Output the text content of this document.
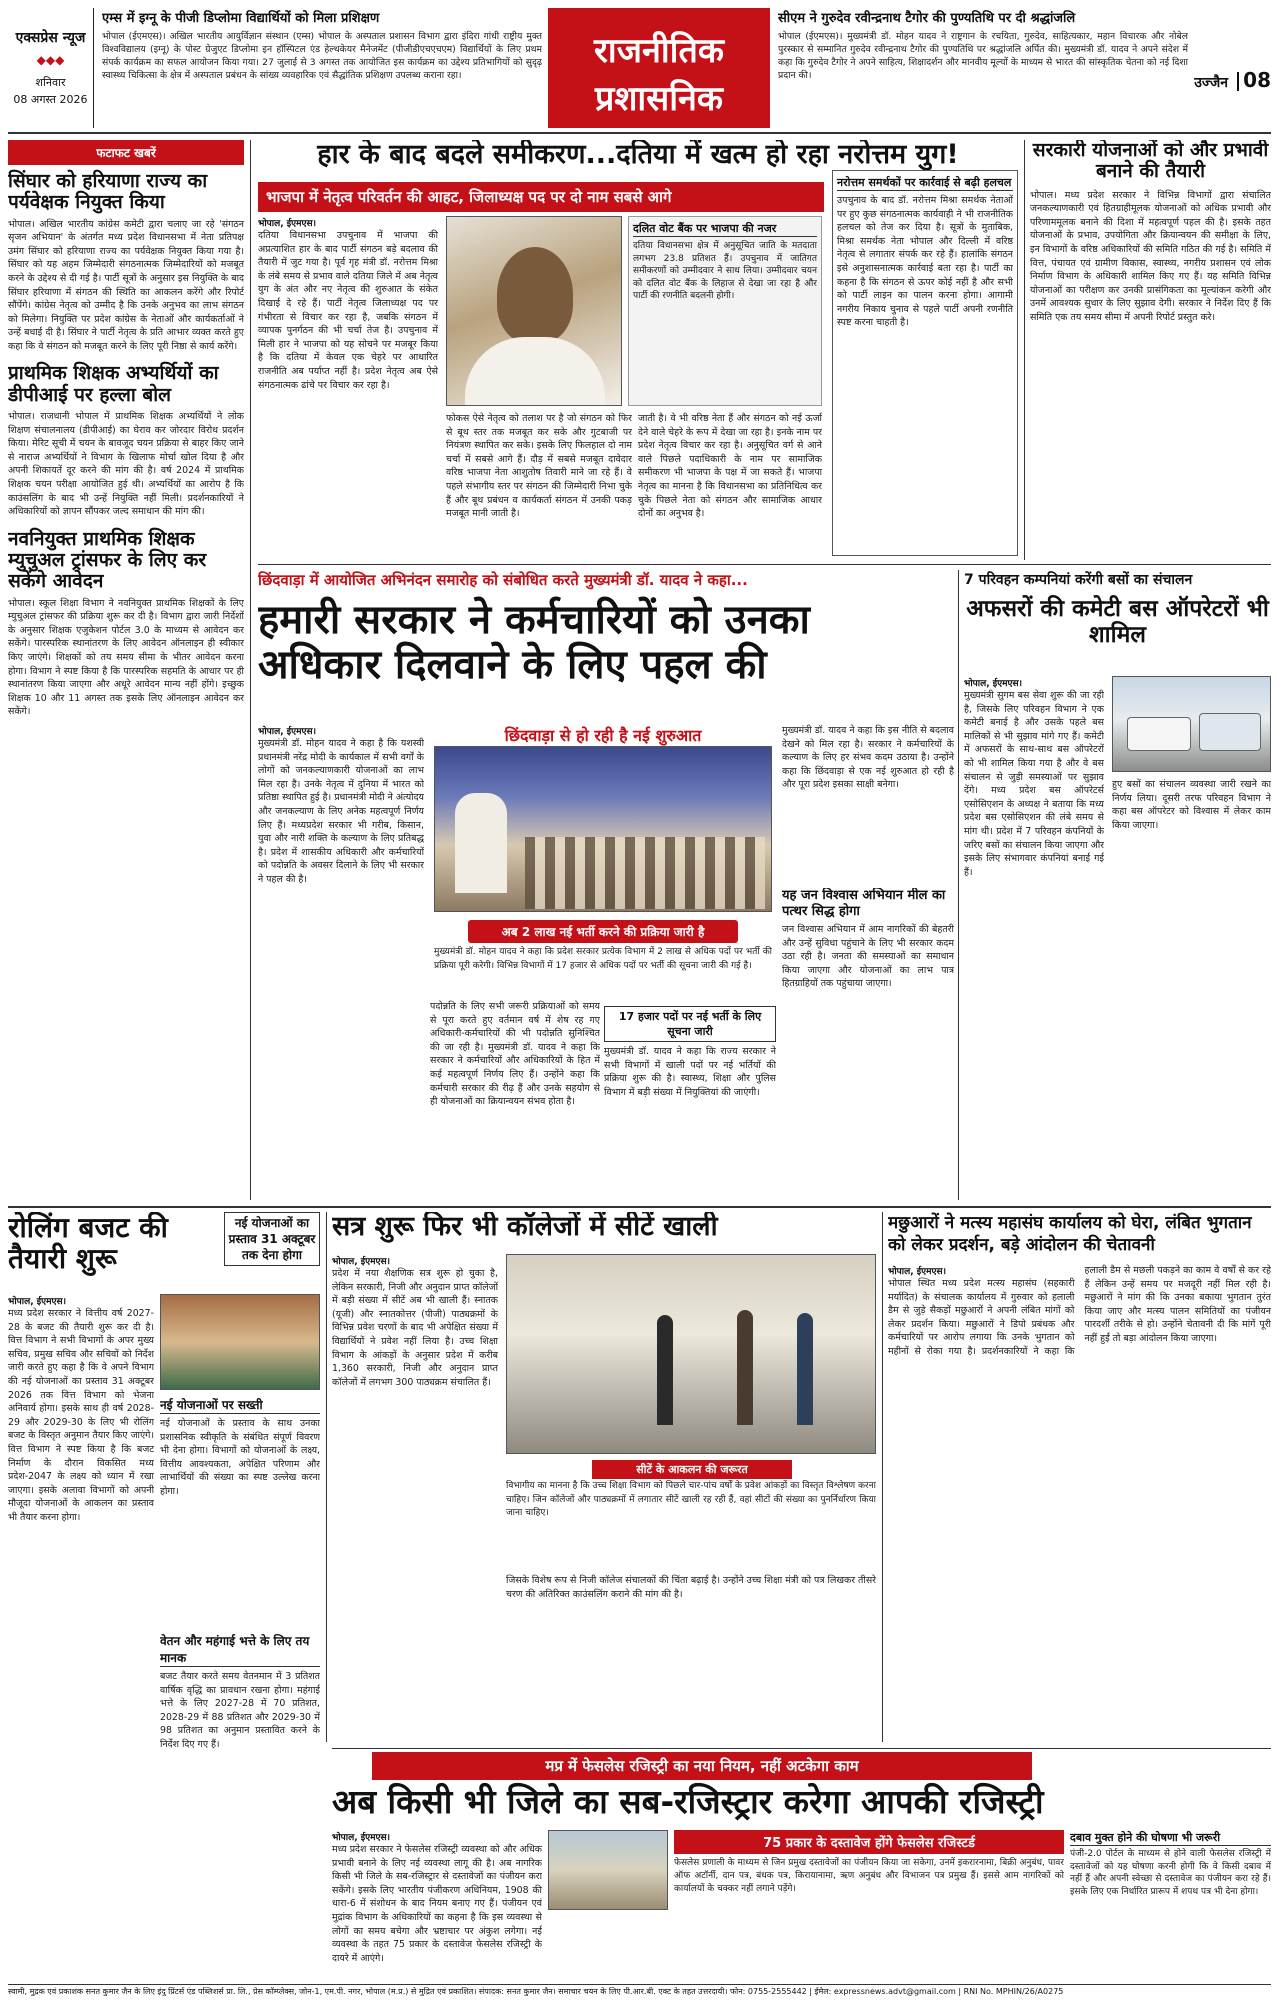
एक्सप्रेस न्यूज
◆◆◆
शनिवार
08 अगस्त 2026
एम्स में इग्नू के पीजी डिप्लोमा विद्यार्थियों को मिला प्रशिक्षण
भोपाल (ईएमएस)। अखिल भारतीय आयुर्विज्ञान संस्थान (एम्स) भोपाल के अस्पताल प्रशासन विभाग द्वारा इंदिरा गांधी राष्ट्रीय मुक्त विश्वविद्यालय (इग्नू) के पोस्ट ग्रेजुएट डिप्लोमा इन हॉस्पिटल एंड हेल्थकेयर मैनेजमेंट (पीजीडीएचएचएम) विद्यार्थियों के लिए प्रथम संपर्क कार्यक्रम का सफल आयोजन किया गया। 27 जुलाई से 3 अगस्त तक आयोजित इस कार्यक्रम का उद्देश्य प्रतिभागियों को सुदृढ़ स्वास्थ्य चिकित्सा के क्षेत्र में अस्पताल प्रबंधन के सांख्य व्यवहारिक एवं सैद्धांतिक प्रशिक्षण उपलब्ध कराना रहा।
राजनीतिक
प्रशासनिक
सीएम ने गुरुदेव रवीन्द्रनाथ टैगोर की पुण्यतिथि पर दी श्रद्धांजलि
भोपाल (ईएमएस)। मुख्यमंत्री डॉ. मोहन यादव ने राष्ट्रगान के रचयिता, गुरुदेव, साहित्यकार, महान विचारक और नोबेल पुरस्कार से सम्मानित गुरुदेव रवीन्द्रनाथ टैगोर की पुण्यतिथि पर श्रद्धांजलि अर्पित की। मुख्यमंत्री डॉ. यादव ने अपने संदेश में कहा कि गुरुदेव टैगोर ने अपने साहित्य, शिक्षादर्शन और मानवीय मूल्यों के माध्यम से भारत की सांस्कृतिक चेतना को नई दिशा प्रदान की।	उज्जैन 08
फटाफट खबरें
सिंघार को हरियाणा राज्य का पर्यवेक्षक नियुक्त किया
भोपाल। अखिल भारतीय कांग्रेस कमेटी द्वारा चलाए जा रहे 'संगठन सृजन अभियान' के अंतर्गत मध्य प्रदेश विधानसभा में नेता प्रतिपक्ष उमंग सिंघार को हरियाणा राज्य का पर्यवेक्षक नियुक्त किया गया है। सिंघार को यह अहम जिम्मेदारी संगठनात्मक जिम्मेदारियों को मजबूत करने के उद्देश्य से दी गई है। पार्टी सूत्रों के अनुसार इस नियुक्ति के बाद सिंघार हरियाणा में संगठन की स्थिति का आकलन करेंगे और रिपोर्ट सौंपेंगे। कांग्रेस नेतृत्व को उम्मीद है कि उनके अनुभव का लाभ संगठन को मिलेगा। नियुक्ति पर प्रदेश कांग्रेस के नेताओं और कार्यकर्ताओं ने उन्हें बधाई दी है। सिंघार ने पार्टी नेतृत्व के प्रति आभार व्यक्त करते हुए कहा कि वे संगठन को मजबूत करने के लिए पूरी निष्ठा से कार्य करेंगे।
प्राथमिक शिक्षक अभ्यर्थियों का डीपीआई पर हल्ला बोल
भोपाल। राजधानी भोपाल में प्राथमिक शिक्षक अभ्यर्थियों ने लोक शिक्षण संचालनालय (डीपीआई) का घेराव कर जोरदार विरोध प्रदर्शन किया। मेरिट सूची में चयन के बावजूद चयन प्रक्रिया से बाहर किए जाने से नाराज अभ्यर्थियों ने विभाग के खिलाफ मोर्चा खोल दिया है और अपनी शिकायतें दूर करने की मांग की है। वर्ष 2024 में प्राथमिक शिक्षक चयन परीक्षा आयोजित हुई थी। अभ्यर्थियों का आरोप है कि काउंसलिंग के बाद भी उन्हें नियुक्ति नहीं मिली। प्रदर्शनकारियों ने अधिकारियों को ज्ञापन सौंपकर जल्द समाधान की मांग की।
नवनियुक्त प्राथमिक शिक्षक म्युचुअल ट्रांसफर के लिए कर सकेंगे आवेदन
भोपाल। स्कूल शिक्षा विभाग ने नवनियुक्त प्राथमिक शिक्षकों के लिए म्युचुअल ट्रांसफर की प्रक्रिया शुरू कर दी है। विभाग द्वारा जारी निर्देशों के अनुसार शिक्षक एजुकेशन पोर्टल 3.0 के माध्यम से आवेदन कर सकेंगे। पारस्परिक स्थानांतरण के लिए आवेदन ऑनलाइन ही स्वीकार किए जाएंगे। शिक्षकों को तय समय सीमा के भीतर आवेदन करना होगा। विभाग ने स्पष्ट किया है कि पारस्परिक सहमति के आधार पर ही स्थानांतरण किया जाएगा और अधूरे आवेदन मान्य नहीं होंगे। इच्छुक शिक्षक 10 और 11 अगस्त तक इसके लिए ऑनलाइन आवेदन कर सकेंगे।
हार के बाद बदले समीकरण...दतिया में खत्म हो रहा नरोत्तम युग!
भाजपा में नेतृत्व परिवर्तन की आहट, जिलाध्यक्ष पद पर दो नाम सबसे आगे
भोपाल, ईएमएस।
दतिया विधानसभा उपचुनाव में भाजपा की अप्रत्याशित हार के बाद पार्टी संगठन बड़े बदलाव की तैयारी में जुट गया है। पूर्व गृह मंत्री डॉ. नरोत्तम मिश्रा के लंबे समय से प्रभाव वाले दतिया जिले में अब नेतृत्व युग के अंत और नए नेतृत्व की शुरुआत के संकेत दिखाई दे रहे हैं। पार्टी नेतृत्व जिलाध्यक्ष पद पर गंभीरता से विचार कर रहा है, जबकि संगठन में व्यापक पुनर्गठन की भी चर्चा तेज है। उपचुनाव में मिली हार ने भाजपा को यह सोचने पर मजबूर किया है कि दतिया में केवल एक चेहरे पर आधारित राजनीति अब पर्याप्त नहीं है। प्रदेश नेतृत्व अब ऐसे संगठनात्मक ढांचे पर विचार कर रहा है।
दलित वोट बैंक पर भाजपा की नजर
दतिया विधानसभा क्षेत्र में अनुसूचित जाति के मतदाता लगभग 23.8 प्रतिशत हैं। उपचुनाव में जातिगत समीकरणों को उम्मीदवार ने साध लिया। उम्मीदवार चयन को दलित वोट बैंक के लिहाज से देखा जा रहा है और पार्टी की रणनीति बदलनी होगी।
फोकस ऐसे नेतृत्व को तलाश पर है जो संगठन को फिर से बूथ स्तर तक मजबूत कर सके और गुटबाजी पर नियंत्रण स्थापित कर सके। इसके लिए फिलहाल दो नाम चर्चा में सबसे आगे हैं। दौड़ में सबसे मजबूत दावेदार वरिष्ठ भाजपा नेता आशुतोष तिवारी माने जा रहे हैं। वे पहले संभागीय स्तर पर संगठन की जिम्मेदारी निभा चुके हैं और बूथ प्रबंधन व कार्यकर्ता संगठन में उनकी पकड़ मजबूत मानी जाती है।
जाती है। वे भी वरिष्ठ नेता हैं और संगठन को नई ऊर्जा देने वाले चेहरे के रूप में देखा जा रहा है। इनके नाम पर प्रदेश नेतृत्व विचार कर रहा है। अनुसूचित वर्ग से आने वाले पिछले पदाधिकारी के नाम पर सामाजिक समीकरण भी भाजपा के पक्ष में जा सकते हैं। भाजपा नेतृत्व का मानना है कि विधानसभा का प्रतिनिधित्व कर चुके पिछले नेता को संगठन और सामाजिक आधार दोनों का अनुभव है।
नरोत्तम समर्थकों पर कार्रवाई से बढ़ी हलचल
उपचुनाव के बाद डॉ. नरोत्तम मिश्रा समर्थक नेताओं पर हुए कुछ संगठनात्मक कार्यवाही ने भी राजनीतिक हलचल को तेज कर दिया है। सूत्रों के मुताबिक, मिश्रा समर्थक नेता भोपाल और दिल्ली में वरिष्ठ नेतृत्व से लगातार संपर्क कर रहे हैं। हालांकि संगठन इसे अनुशासनात्मक कार्रवाई बता रहा है। पार्टी का कहना है कि संगठन से ऊपर कोई नहीं है और सभी को पार्टी लाइन का पालन करना होगा। आगामी नगरीय निकाय चुनाव से पहले पार्टी अपनी रणनीति स्पष्ट करना चाहती है।
सरकारी योजनाओं को और प्रभावी बनाने की तैयारी
भोपाल। मध्य प्रदेश सरकार ने विभिन्न विभागों द्वारा संचालित जनकल्याणकारी एवं हितग्राहीमूलक योजनाओं को अधिक प्रभावी और परिणाममूलक बनाने की दिशा में महत्वपूर्ण पहल की है। इसके तहत योजनाओं के प्रभाव, उपयोगिता और क्रियान्वयन की समीक्षा के लिए, इन विभागों के वरिष्ठ अधिकारियों की समिति गठित की गई है। समिति में वित्त, पंचायत एवं ग्रामीण विकास, स्वास्थ्य, नगरीय प्रशासन एवं लोक निर्माण विभाग के अधिकारी शामिल किए गए हैं। यह समिति विभिन्न योजनाओं का परीक्षण कर उनकी प्रासंगिकता का मूल्यांकन करेगी और उनमें आवश्यक सुधार के लिए सुझाव देगी। सरकार ने निर्देश दिए हैं कि समिति एक तय समय सीमा में अपनी रिपोर्ट प्रस्तुत करे।
छिंदवाड़ा में आयोजित अभिनंदन समारोह को संबोधित करते मुख्यमंत्री डॉ. यादव ने कहा...
हमारी सरकार ने कर्मचारियों को उनका
अधिकार दिलवाने के लिए पहल की
भोपाल, ईएमएस।
मुख्यमंत्री डॉ. मोहन यादव ने कहा है कि यशस्वी प्रधानमंत्री नरेंद्र मोदी के कार्यकाल में सभी वर्गों के लोगों को जनकल्याणकारी योजनाओं का लाभ मिल रहा है। उनके नेतृत्व में दुनिया में भारत को प्रतिष्ठा स्थापित हुई है। प्रधानमंत्री मोदी ने अंत्योदय और जनकल्याण के लिए अनेक महत्वपूर्ण निर्णय लिए हैं। मध्यप्रदेश सरकार भी गरीब, किसान, युवा और नारी शक्ति के कल्याण के लिए प्रतिबद्ध है। प्रदेश में शासकीय अधिकारी और कर्मचारियों को पदोन्नति के अवसर दिलाने के लिए भी सरकार ने पहल की है।
छिंदवाड़ा से हो रही है नई शुरुआत
अब 2 लाख नई भर्ती करने की प्रक्रिया जारी है
मुख्यमंत्री डॉ. मोहन यादव ने कहा कि प्रदेश सरकार प्रत्येक विभाग में 2 लाख से अधिक पदों पर भर्ती की प्रक्रिया पूरी करेगी। विभिन्न विभागों में 17 हजार से अधिक पदों पर भर्ती की सूचना जारी की गई है।
पदोन्नति के लिए सभी जरूरी प्रक्रियाओं को समय से पूरा करते हुए वर्तमान वर्ष में शेष रह गए अधिकारी-कर्मचारियों की भी पदोन्नति सुनिश्चित की जा रही है। मुख्यमंत्री डॉ. यादव ने कहा कि सरकार ने कर्मचारियों और अधिकारियों के हित में कई महत्वपूर्ण निर्णय लिए हैं। उन्होंने कहा कि कर्मचारी सरकार की रीढ़ हैं और उनके सहयोग से ही योजनाओं का क्रियान्वयन संभव होता है।
17 हजार पदों पर नई भर्ती के लिए सूचना जारी
मुख्यमंत्री डॉ. यादव ने कहा कि राज्य सरकार ने सभी विभागों में खाली पदों पर नई भर्तियों की प्रक्रिया शुरू की है। स्वास्थ्य, शिक्षा और पुलिस विभाग में बड़ी संख्या में नियुक्तियां की जाएंगी।
मुख्यमंत्री डॉ. यादव ने कहा कि इस नीति से बदलाव देखने को मिल रहा है। सरकार ने कर्मचारियों के कल्याण के लिए हर संभव कदम उठाया है। उन्होंने कहा कि छिंदवाड़ा से एक नई शुरुआत हो रही है और पूरा प्रदेश इसका साक्षी बनेगा।
यह जन विश्वास अभियान मील का पत्थर सिद्ध होगा
जन विश्वास अभियान में आम नागरिकों की बेहतरी और उन्हें सुविधा पहुंचाने के लिए भी सरकार कदम उठा रही है। जनता की समस्याओं का समाधान किया जाएगा और योजनाओं का लाभ पात्र हितग्राहियों तक पहुंचाया जाएगा।
7 परिवहन कम्पनियां करेंगी बसों का संचालन
अफसरों की कमेटी बस ऑपरेटरों भी शामिल
भोपाल, ईएमएस।
मुख्यमंत्री सुगम बस सेवा शुरू की जा रही है, जिसके लिए परिवहन विभाग ने एक कमेटी बनाई है और उसके पहले बस मालिकों से भी सुझाव मांगे गए हैं। कमेटी में अफसरों के साथ-साथ बस ऑपरेटरों को भी शामिल किया गया है और वे बस संचालन से जुड़ी समस्याओं पर सुझाव देंगे। मध्य प्रदेश बस ऑपरेटर्स एसोसिएशन के अध्यक्ष ने बताया कि मध्य प्रदेश बस एसोसिएशन की लंबे समय से मांग थी। प्रदेश में 7 परिवहन कंपनियों के जरिए बसों का संचालन किया जाएगा और इसके लिए संभागवार कंपनियां बनाई गई हैं।
हुए बसों का संचालन व्यवस्था जारी रखने का निर्णय लिया। दूसरी तरफ परिवहन विभाग ने कहा बस ऑपरेटर को विश्वास में लेकर काम किया जाएगा।
रोलिंग बजट की तैयारी शुरू
नई योजनाओं का प्रस्ताव 31 अक्टूबर तक देना होगा
भोपाल, ईएमएस।
मध्य प्रदेश सरकार ने वित्तीय वर्ष 2027-28 के बजट की तैयारी शुरू कर दी है। वित्त विभाग ने सभी विभागों के अपर मुख्य सचिव, प्रमुख सचिव और सचिवों को निर्देश जारी करते हुए कहा है कि वे अपने विभाग की नई योजनाओं का प्रस्ताव 31 अक्टूबर 2026 तक वित्त विभाग को भेजना अनिवार्य होगा। इसके साथ ही वर्ष 2028-29 और 2029-30 के लिए भी रोलिंग बजट के विस्तृत अनुमान तैयार किए जाएंगे। वित्त विभाग ने स्पष्ट किया है कि बजट निर्माण के दौरान विकसित मध्य प्रदेश-2047 के लक्ष्य को ध्यान में रखा जाएगा। इसके अलावा विभागों को अपनी मौजूदा योजनाओं के आकलन का प्रस्ताव भी तैयार करना होगा।
नई योजनाओं पर सख्ती
नई योजनाओं के प्रस्ताव के साथ उनका प्रशासनिक स्वीकृति के संबंधित संपूर्ण विवरण भी देना होगा। विभागों को योजनाओं के लक्ष्य, वित्तीय आवश्यकता, अपेक्षित परिणाम और लाभार्थियों की संख्या का स्पष्ट उल्लेख करना होगा।
वेतन और महंगाई भत्ते के लिए तय मानक
बजट तैयार करते समय वेतनमान में 3 प्रतिशत वार्षिक वृद्धि का प्रावधान रखना होगा। महंगाई भत्ते के लिए 2027-28 में 70 प्रतिशत, 2028-29 में 88 प्रतिशत और 2029-30 में 98 प्रतिशत का अनुमान प्रस्तावित करने के निर्देश दिए गए हैं।
सत्र शुरू फिर भी कॉलेजों में सीटें खाली
भोपाल, ईएमएस।
प्रदेश में नया शैक्षणिक सत्र शुरू हो चुका है, लेकिन सरकारी, निजी और अनुदान प्राप्त कॉलेजों में बड़ी संख्या में सीटें अब भी खाली हैं। स्नातक (यूजी) और स्नातकोत्तर (पीजी) पाठ्यक्रमों के विभिन्न प्रवेश चरणों के बाद भी अपेक्षित संख्या में विद्यार्थियों ने प्रवेश नहीं लिया है। उच्च शिक्षा विभाग के आंकड़ों के अनुसार प्रदेश में करीब 1,360 सरकारी, निजी और अनुदान प्राप्त कॉलेजों में लगभग 300 पाठ्यक्रम संचालित हैं।
सीटें के आकलन की जरूरत
विभागीय का मानना है कि उच्च शिक्षा विभाग को पिछले चार-पांच वर्षों के प्रवेश आंकड़ों का विस्तृत विश्लेषण करना चाहिए। जिन कॉलेजों और पाठ्यक्रमों में लगातार सीटें खाली रह रही हैं, वहां सीटों की संख्या का पुनर्निर्धारण किया जाना चाहिए।
जिसके विशेष रूप से निजी कॉलेज संचालकों की चिंता बढ़ाई है। उन्होंने उच्च शिक्षा मंत्री को पत्र लिखकर तीसरे चरण की अतिरिक्त काउंसलिंग कराने की मांग की है।
मछुआरों ने मत्स्य महासंघ कार्यालय को घेरा, लंबित भुगतान को लेकर प्रदर्शन, बड़े आंदोलन की चेतावनी
भोपाल, ईएमएस।
भोपाल स्थित मध्य प्रदेश मत्स्य महासंघ (सहकारी मर्यादित) के संचालक कार्यालय में गुरुवार को हलाली डैम से जुड़े सैकड़ों मछुआरों ने अपनी लंबित मांगों को लेकर प्रदर्शन किया। मछुआरों ने डिपो प्रबंधक और कर्मचारियों पर आरोप लगाया कि उनके भुगतान को महीनों से रोका गया है। प्रदर्शनकारियों ने कहा कि हलाली डैम से मछली पकड़ने का काम वे वर्षों से कर रहे हैं लेकिन उन्हें समय पर मजदूरी नहीं मिल रही है। मछुआरों ने मांग की कि उनका बकाया भुगतान तुरंत किया जाए और मत्स्य पालन समितियों का पंजीयन पारदर्शी तरीके से हो। उन्होंने चेतावनी दी कि मांगें पूरी नहीं हुईं तो बड़ा आंदोलन किया जाएगा।
मप्र में फेसलेस रजिस्ट्री का नया नियम, नहीं अटकेगा काम
अब किसी भी जिले का सब-रजिस्ट्रार करेगा आपकी रजिस्ट्री
भोपाल, ईएमएस।
मध्य प्रदेश सरकार ने फेसलेस रजिस्ट्री व्यवस्था को और अधिक प्रभावी बनाने के लिए नई व्यवस्था लागू की है। अब नागरिक किसी भी जिले के सब-रजिस्ट्रार से दस्तावेजों का पंजीयन करा सकेंगे। इसके लिए भारतीय पंजीकरण अधिनियम, 1908 की धारा-6 में संशोधन के बाद नियम बनाए गए हैं। पंजीयन एवं मुद्रांक विभाग के अधिकारियों का कहना है कि इस व्यवस्था से लोगों का समय बचेगा और भ्रष्टाचार पर अंकुश लगेगा। नई व्यवस्था के तहत 75 प्रकार के दस्तावेज फेसलेस रजिस्ट्री के दायरे में आएंगे।
75 प्रकार के दस्तावेज होंगे फेसलेस रजिस्टर्ड
फेसलेस प्रणाली के माध्यम से जिन प्रमुख दस्तावेजों का पंजीयन किया जा सकेगा, उनमें इकरारनामा, बिक्री अनुबंध, पावर ऑफ अटॉर्नी, दान पत्र, बंधक पत्र, किरायानामा, ऋण अनुबंध और विभाजन पत्र प्रमुख हैं। इससे आम नागरिकों को कार्यालयों के चक्कर नहीं लगाने पड़ेंगे।
दबाव मुक्त होने की घोषणा भी जरूरी
पंजी-2.0 पोर्टल के माध्यम से होने वाली फेसलेस रजिस्ट्री में दस्तावेजों को यह घोषणा करनी होगी कि वे किसी दबाव में नहीं हैं और अपनी स्वेच्छा से दस्तावेज का पंजीयन करा रहे हैं। इसके लिए एक निर्धारित प्रारूप में शपथ पत्र भी देना होगा।
स्वामी, मुद्रक एवं प्रकाशक सनत कुमार जैन के लिए इंदु प्रिंटर्स एंड पब्लिशर्स प्रा. लि., प्रेस कॉम्प्लेक्स, जोन-1, एम.पी. नगर, भोपाल (म.प्र.) से मुद्रित एवं प्रकाशित। संपादक: सनत कुमार जैन। समाचार चयन के लिए पी.आर.बी. एक्ट के तहत उत्तरदायी। फोन: 0755-2555442 | ईमेल: expressnews.advt@gmail.com | RNI No. MPHIN/26/A0275
